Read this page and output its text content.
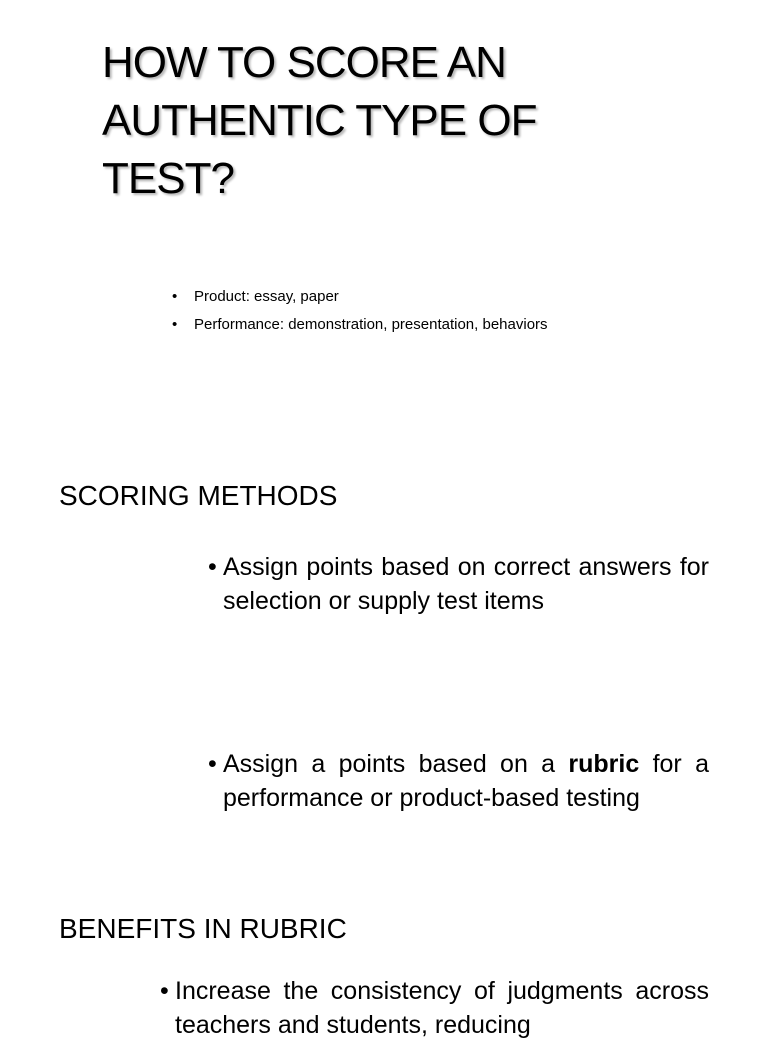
HOW TO SCORE AN AUTHENTIC TYPE OF TEST?
• Product: essay, paper
• Performance: demonstration, presentation, behaviors
SCORING METHODS

• Assign points based on correct answers for selection or supply test items

• Assign a points based on a rubric for a performance or product-based testing

BENEFITS IN RUBRIC

• Increase the consistency of judgments across teachers and students, reducing
